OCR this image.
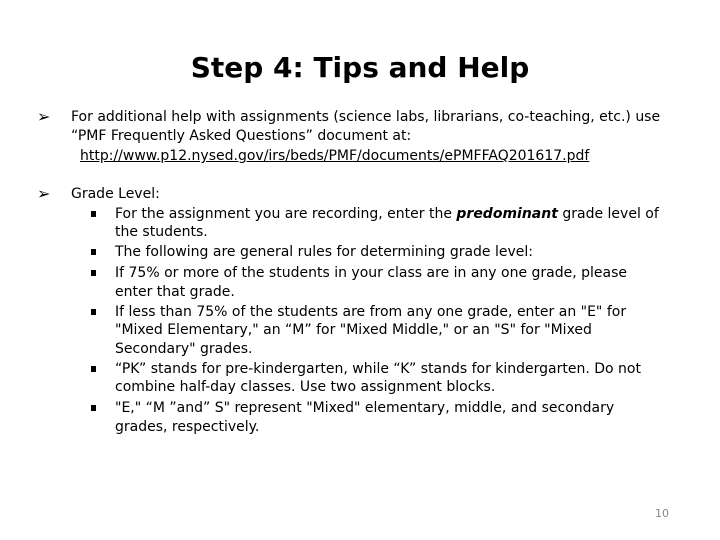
Step 4: Tips and Help
➢ For additional help with assignments (science labs, librarians, co-teaching, etc.) use
“PMF Frequently Asked Questions” document at:
http://www.p12.nysed.gov/irs/beds/PMF/documents/ePMFFAQ201617.pdf
➢ Grade Level:
For the assignment you are recording, enter the predominant grade level of
the students.
The following are general rules for determining grade level:
If 75% or more of the students in your class are in any one grade, please
enter that grade.
If less than 75% of the students are from any one grade, enter an "E" for
"Mixed Elementary," an “M” for "Mixed Middle," or an "S" for "Mixed
Secondary" grades.
“PK” stands for pre-kindergarten, while “K” stands for kindergarten. Do not
combine half-day classes. Use two assignment blocks.
"E," “M ”and” S" represent "Mixed" elementary, middle, and secondary
grades, respectively.
10
